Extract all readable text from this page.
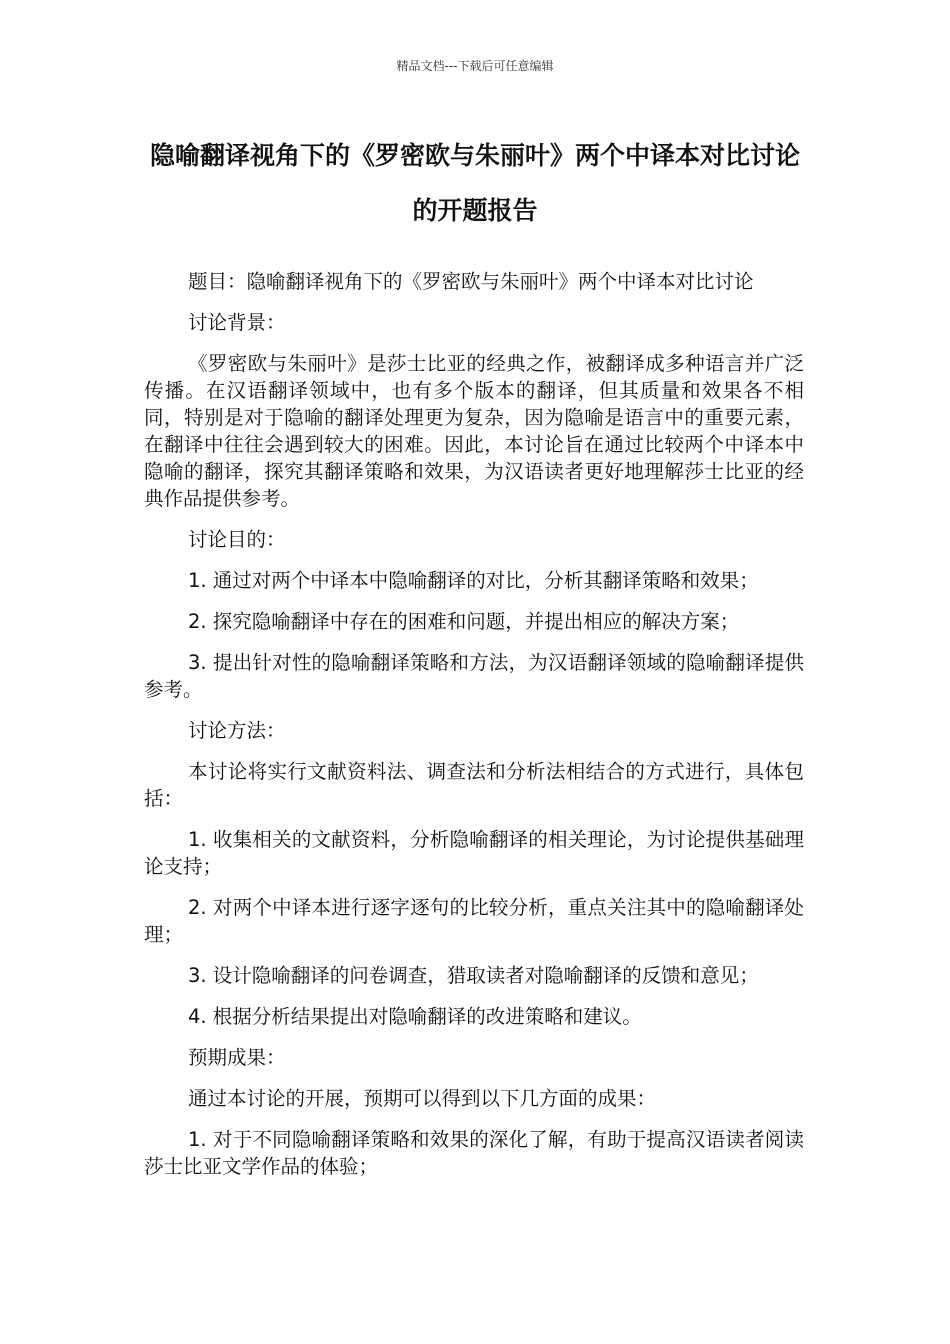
精品文档---下载后可任意编辑
隐喻翻译视角下的《罗密欧与朱丽叶》两个中译本对比讨论的开题报告

题目：隐喻翻译视角下的《罗密欧与朱丽叶》两个中译本对比讨论

讨论背景：

《罗密欧与朱丽叶》是莎士比亚的经典之作，被翻译成多种语言并广泛传播。在汉语翻译领域中，也有多个版本的翻译，但其质量和效果各不相同，特别是对于隐喻的翻译处理更为复杂，因为隐喻是语言中的重要元素，在翻译中往往会遇到较大的困难。因此，本讨论旨在通过比较两个中译本中隐喻的翻译，探究其翻译策略和效果，为汉语读者更好地理解莎士比亚的经典作品提供参考。

讨论目的：

1. 通过对两个中译本中隐喻翻译的对比，分析其翻译策略和效果；

2. 探究隐喻翻译中存在的困难和问题，并提出相应的解决方案；

3. 提出针对性的隐喻翻译策略和方法，为汉语翻译领域的隐喻翻译提供参考。

讨论方法：

本讨论将实行文献资料法、调查法和分析法相结合的方式进行，具体包括：

1. 收集相关的文献资料，分析隐喻翻译的相关理论，为讨论提供基础理论支持；

2. 对两个中译本进行逐字逐句的比较分析，重点关注其中的隐喻翻译处理；

3. 设计隐喻翻译的问卷调查，猎取读者对隐喻翻译的反馈和意见；

4. 根据分析结果提出对隐喻翻译的改进策略和建议。

预期成果：

通过本讨论的开展，预期可以得到以下几方面的成果：

1. 对于不同隐喻翻译策略和效果的深化了解，有助于提高汉语读者阅读莎士比亚文学作品的体验；
